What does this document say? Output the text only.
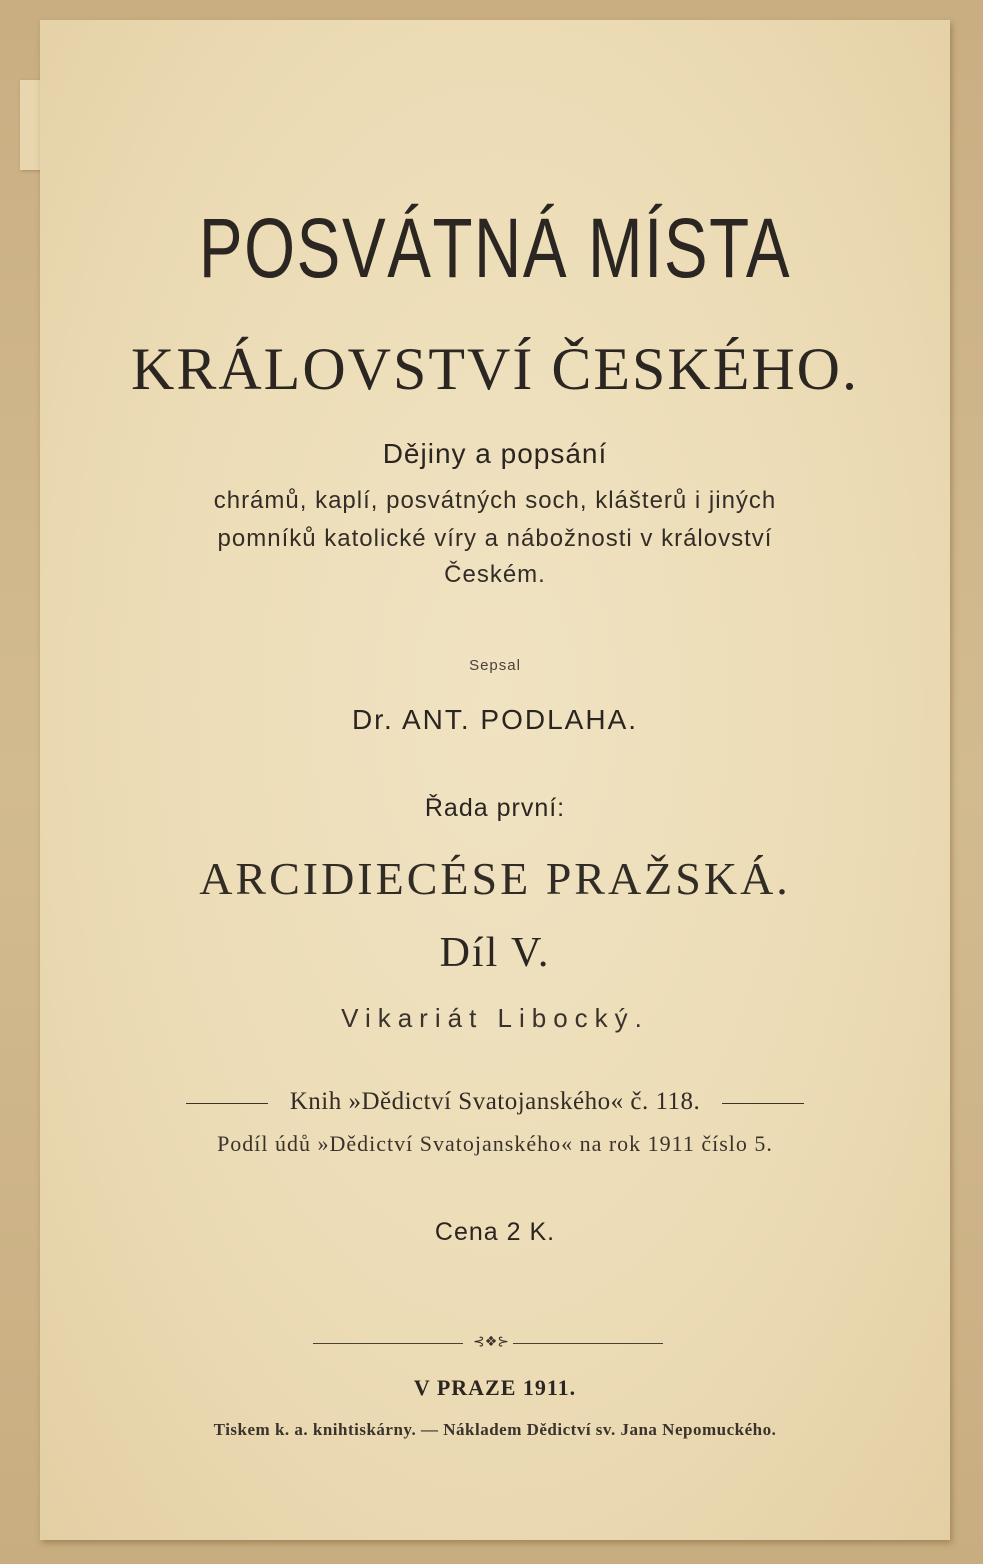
POSVÁTNÁ MÍSTA

KRÁLOVSTVÍ ČESKÉHO.

Dějiny a popsání

chrámů, kaplí, posvátných soch, klášterů i jiných

pomníků katolické víry a nábožnosti v království

Českém.

Sepsal

Dr. ANT. PODLAHA.

Řada první:

ARCIDIECÉSE PRAŽSKÁ.

Díl V.

Vikariát Libocký.

Knih »Dědictví Svatojanského« č. 118.

Podíl údů »Dědictví Svatojanského« na rok 1911 číslo 5.

Cena 2 K.

⊰❖⊱

V PRAZE 1911.

Tiskem k. a. knihtiskárny. — Nákladem Dědictví sv. Jana Nepomuckého.
